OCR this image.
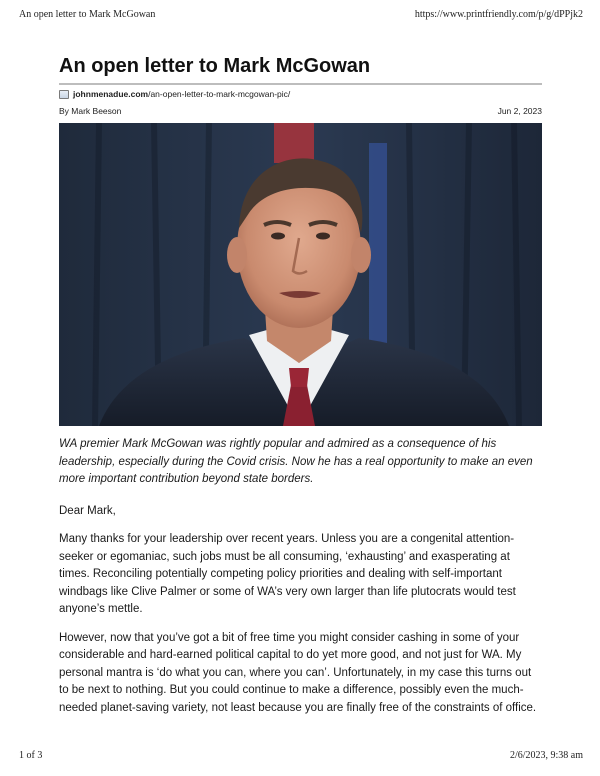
An open letter to Mark McGowan	https://www.printfriendly.com/p/g/dPPjk2
An open letter to Mark McGowan
johnmenadue.com/an-open-letter-to-mark-mcgowan-pic/
By Mark Beeson	Jun 2, 2023

WA premier Mark McGowan was rightly popular and admired as a consequence of his leadership, especially during the Covid crisis. Now he has a real opportunity to make an even more important contribution beyond state borders.

Dear Mark,

Many thanks for your leadership over recent years. Unless you are a congenital attention-seeker or egomaniac, such jobs must be all consuming, ‘exhausting’ and exasperating at times. Reconciling potentially competing policy priorities and dealing with self-important windbags like Clive Palmer or some of WA’s very own larger than life plutocrats would test anyone’s mettle.

However, now that you’ve got a bit of free time you might consider cashing in some of your considerable and hard-earned political capital to do yet more good, and not just for WA. My personal mantra is ‘do what you can, where you can’. Unfortunately, in my case this turns out to be next to nothing. But you could continue to make a difference, possibly even the much-needed planet-saving variety, not least because you are finally free of the constraints of office.

1 of 3	2/6/2023, 9:38 am
